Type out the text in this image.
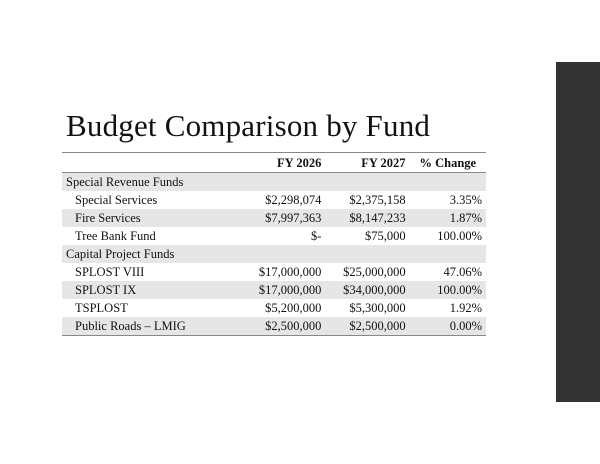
Budget Comparison by Fund
	FY 2026	FY 2027	% Change
Special Revenue Funds			
Special Services	$2,298,074	$2,375,158	3.35%
Fire Services	$7,997,363	$8,147,233	1.87%
Tree Bank Fund	$-	$75,000	100.00%
Capital Project Funds			
SPLOST VIII	$17,000,000	$25,000,000	47.06%
SPLOST IX	$17,000,000	$34,000,000	100.00%
TSPLOST	$5,200,000	$5,300,000	1.92%
Public Roads – LMIG	$2,500,000	$2,500,000	0.00%
